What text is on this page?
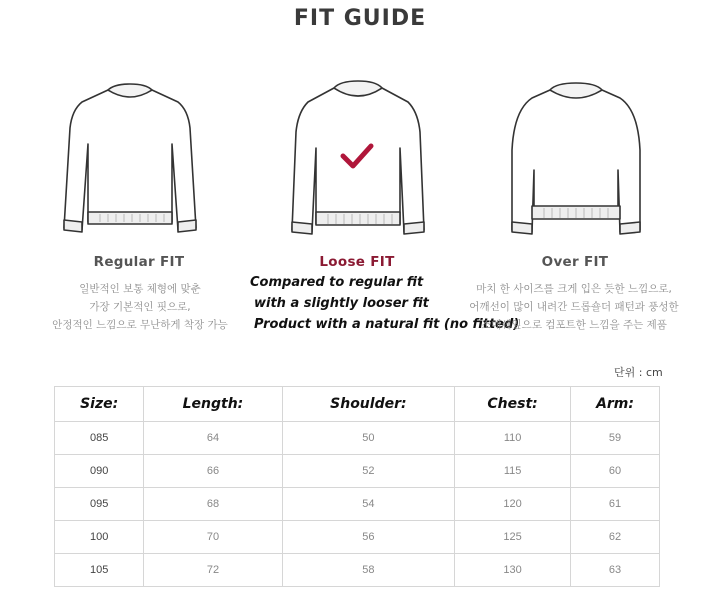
FIT GUIDE
Regular FIT	Loose FIT	Over FIT
일반적인 보통 체형에 맞춘
가장 기본적인 핏으로,
안정적인 느낌으로 무난하게 착장 가능
Compared to regular fit
with a slightly looser fit
Product with a natural fit (no fitted)
마치 한 사이즈를 크게 입은 듯한 느낌으로,
어깨선이 많이 내려간 드롭숄더 패턴과 풍성한
소매쉐잎으로 컴포트한 느낌을 주는 제품
단위 : cm
Size:	Length:	Shoulder:	Chest:	Arm:
085	64	50	110	59
090	66	52	115	60
095	68	54	120	61
100	70	56	125	62
105	72	58	130	63
